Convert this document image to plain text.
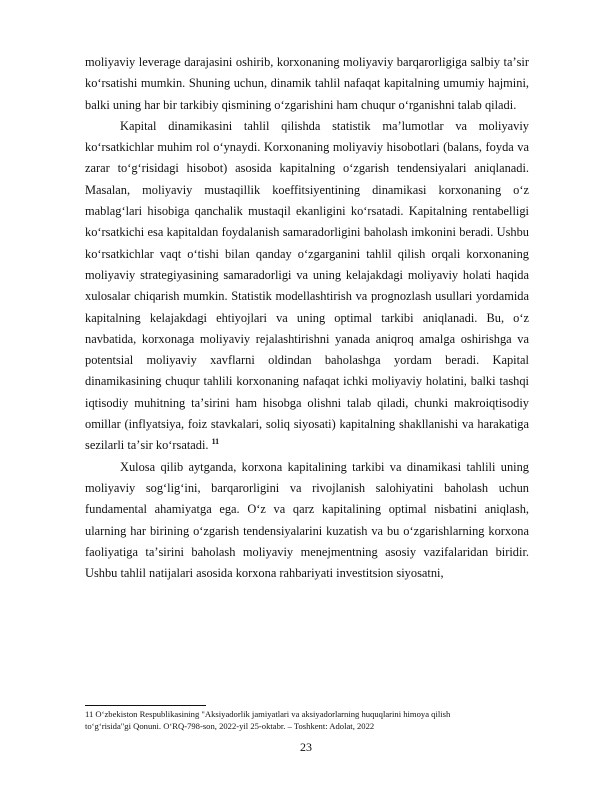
moliyaviy leverage darajasini oshirib, korxonaning moliyaviy barqarorligiga salbiy taʼsir koʻrsatishi mumkin. Shuning uchun, dinamik tahlil nafaqat kapitalning umumiy hajmini, balki uning har bir tarkibiy qismining oʻzgarishini ham chuqur oʻrganishni talab qiladi.

Kapital dinamikasini tahlil qilishda statistik maʼlumotlar va moliyaviy koʻrsatkichlar muhim rol oʻynaydi. Korxonaning moliyaviy hisobotlari (balans, foyda va zarar toʻgʻrisidagi hisobot) asosida kapitalning oʻzgarish tendensiyalari aniqlanadi. Masalan, moliyaviy mustaqillik koeffitsiyentining dinamikasi korxonaning oʻz mablagʻlari hisobiga qanchalik mustaqil ekanligini koʻrsatadi. Kapitalning rentabelligi koʻrsatkichi esa kapitaldan foydalanish samaradorligini baholash imkonini beradi. Ushbu koʻrsatkichlar vaqt oʻtishi bilan qanday oʻzgarganini tahlil qilish orqali korxonaning moliyaviy strategiyasining samaradorligi va uning kelajakdagi moliyaviy holati haqida xulosalar chiqarish mumkin. Statistik modellashtirish va prognozlash usullari yordamida kapitalning kelajakdagi ehtiyojlari va uning optimal tarkibi aniqlanadi. Bu, oʻz navbatida, korxonaga moliyaviy rejalashtirishni yanada aniqroq amalga oshirishga va potentsial moliyaviy xavflarni oldindan baholashga yordam beradi. Kapital dinamikasining chuqur tahlili korxonaning nafaqat ichki moliyaviy holatini, balki tashqi iqtisodiy muhitning taʼsirini ham hisobga olishni talab qiladi, chunki makroiqtisodiy omillar (inflyatsiya, foiz stavkalari, soliq siyosati) kapitalning shakllanishi va harakatiga sezilarli taʼsir koʻrsatadi. $^{11}$

Xulosa qilib aytganda, korxona kapitalining tarkibi va dinamikasi tahlili uning moliyaviy sogʻligʻini, barqarorligini va rivojlanish salohiyatini baholash uchun fundamental ahamiyatga ega. Oʻz va qarz kapitalining optimal nisbatini aniqlash, ularning har birining oʻzgarish tendensiyalarini kuzatish va bu oʻzgarishlarning korxona faoliyatiga taʼsirini baholash moliyaviy menejmentning asosiy vazifalaridan biridir. Ushbu tahlil natijalari asosida korxona rahbariyati investitsion siyosatni,

11 Oʻzbekiston Respublikasining "Aksiyadorlik jamiyatlari va aksiyadorlarning huquqlarini himoya qilish
toʻgʻrisida"gi Qonuni. OʻRQ-798-son, 2022-yil 25-oktabr. – Toshkent: Adolat, 2022
23
